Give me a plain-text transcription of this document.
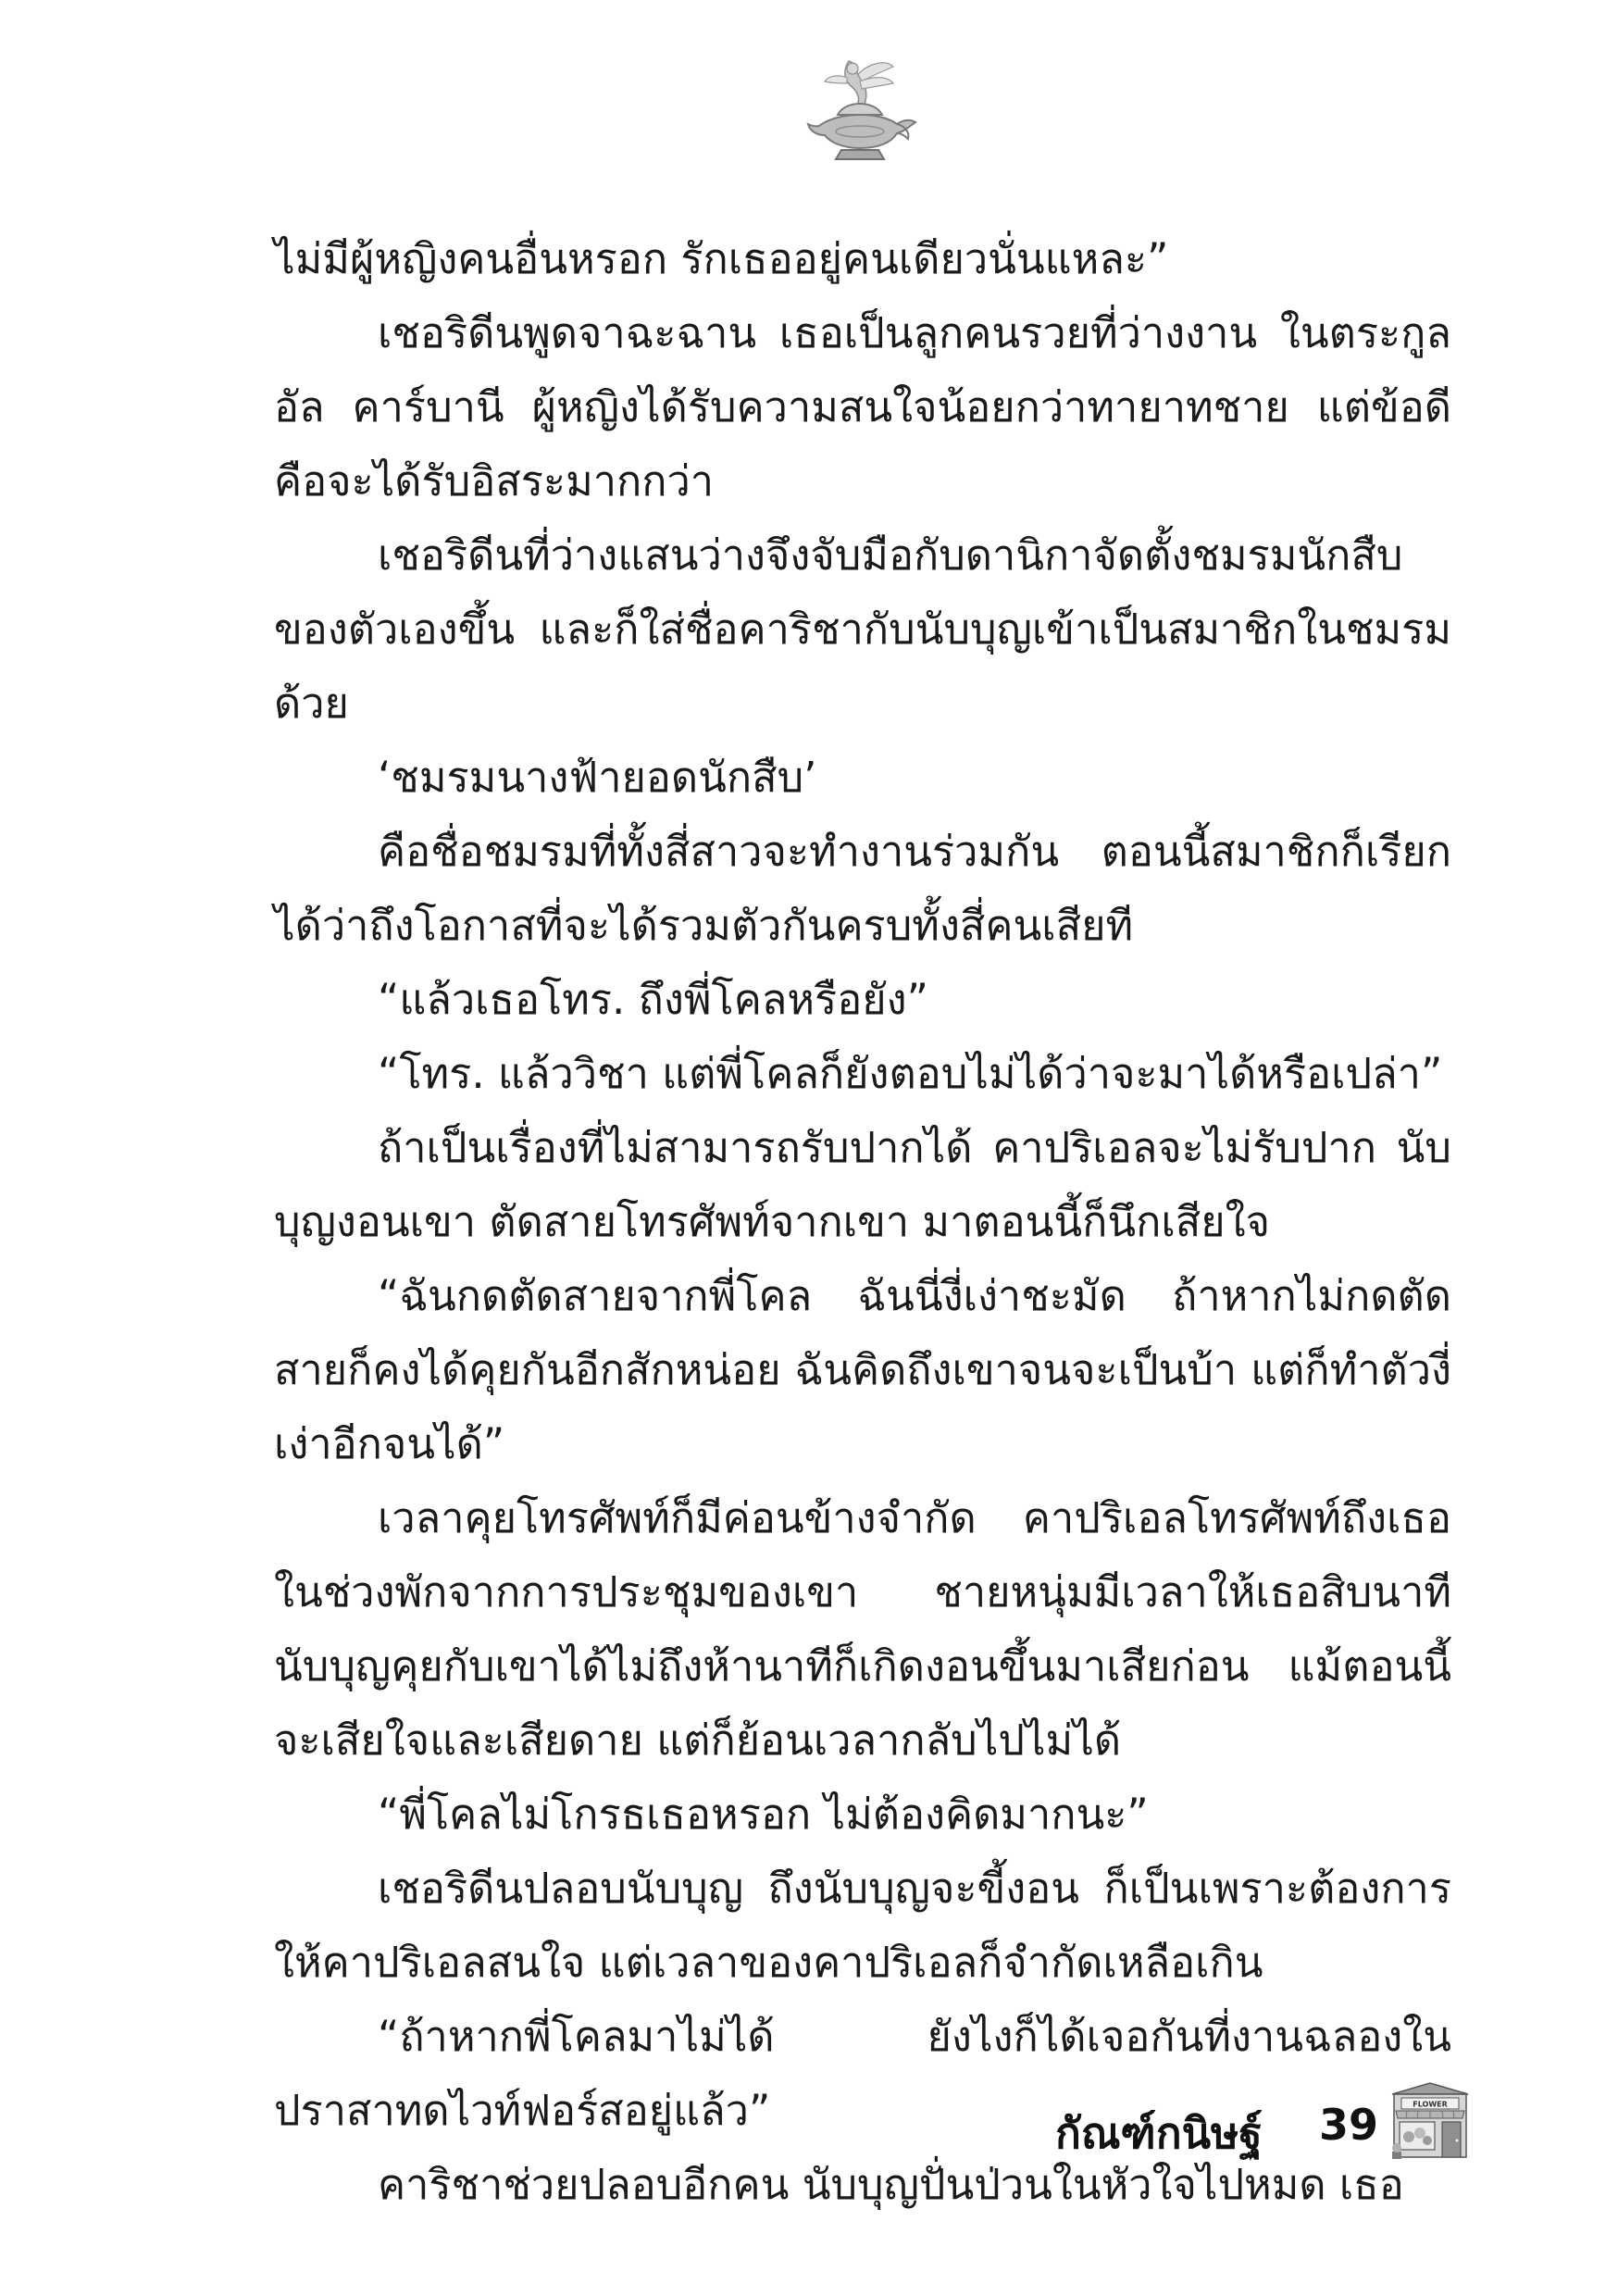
ไม่มีผู้หญิงคนอื่นหรอก รักเธออยู่คนเดียวนั่นแหละ”

เชอริดีนพูดจาฉะฉาน เธอเป็นลูกคนรวยที่ว่างงาน ในตระกูลอัล คาร์บานี ผู้หญิงได้รับความสนใจน้อยกว่าทายาทชาย แต่ข้อดีคือจะได้รับอิสระมากกว่า

เชอริดีนที่ว่างแสนว่างจึงจับมือกับดานิกาจัดตั้งชมรมนักสืบของตัวเองขึ้น และก็ใส่ชื่อคาริชากับนับบุญเข้าเป็นสมาชิกในชมรมด้วย

‘ชมรมนางฟ้ายอดนักสืบ’

คือชื่อชมรมที่ทั้งสี่สาวจะทำงานร่วมกัน ตอนนี้สมาชิกก็เรียกได้ว่าถึงโอกาสที่จะได้รวมตัวกันครบทั้งสี่คนเสียที

“แล้วเธอโทร. ถึงพี่โคลหรือยัง”

“โทร. แล้ววิชา แต่พี่โคลก็ยังตอบไม่ได้ว่าจะมาได้หรือเปล่า”

ถ้าเป็นเรื่องที่ไม่สามารถรับปากได้ คาปริเอลจะไม่รับปาก นับบุญงอนเขา ตัดสายโทรศัพท์จากเขา มาตอนนี้ก็นึกเสียใจ

“ฉันกดตัดสายจากพี่โคล ฉันนี่งี่เง่าชะมัด ถ้าหากไม่กดตัดสายก็คงได้คุยกันอีกสักหน่อย ฉันคิดถึงเขาจนจะเป็นบ้า แต่ก็ทำตัวงี่เง่าอีกจนได้”

เวลาคุยโทรศัพท์ก็มีค่อนข้างจำกัด คาปริเอลโทรศัพท์ถึงเธอในช่วงพักจากการประชุมของเขา ชายหนุ่มมีเวลาให้เธอสิบนาที นับบุญคุยกับเขาได้ไม่ถึงห้านาทีก็เกิดงอนขึ้นมาเสียก่อน แม้ตอนนี้จะเสียใจและเสียดาย แต่ก็ย้อนเวลากลับไปไม่ได้

“พี่โคลไม่โกรธเธอหรอก ไม่ต้องคิดมากนะ”

เชอริดีนปลอบนับบุญ ถึงนับบุญจะขี้งอน ก็เป็นเพราะต้องการให้คาปริเอลสนใจ แต่เวลาของคาปริเอลก็จำกัดเหลือเกิน

“ถ้าหากพี่โคลมาไม่ได้ ยังไงก็ได้เจอกันที่งานฉลองในปราสาทดไวท์ฟอร์สอยู่แล้ว”

คาริชาช่วยปลอบอีกคน นับบุญปั่นป่วนในหัวใจไปหมด เธอ

กัณฑ์กนิษฐ์ 39	FLOWER
